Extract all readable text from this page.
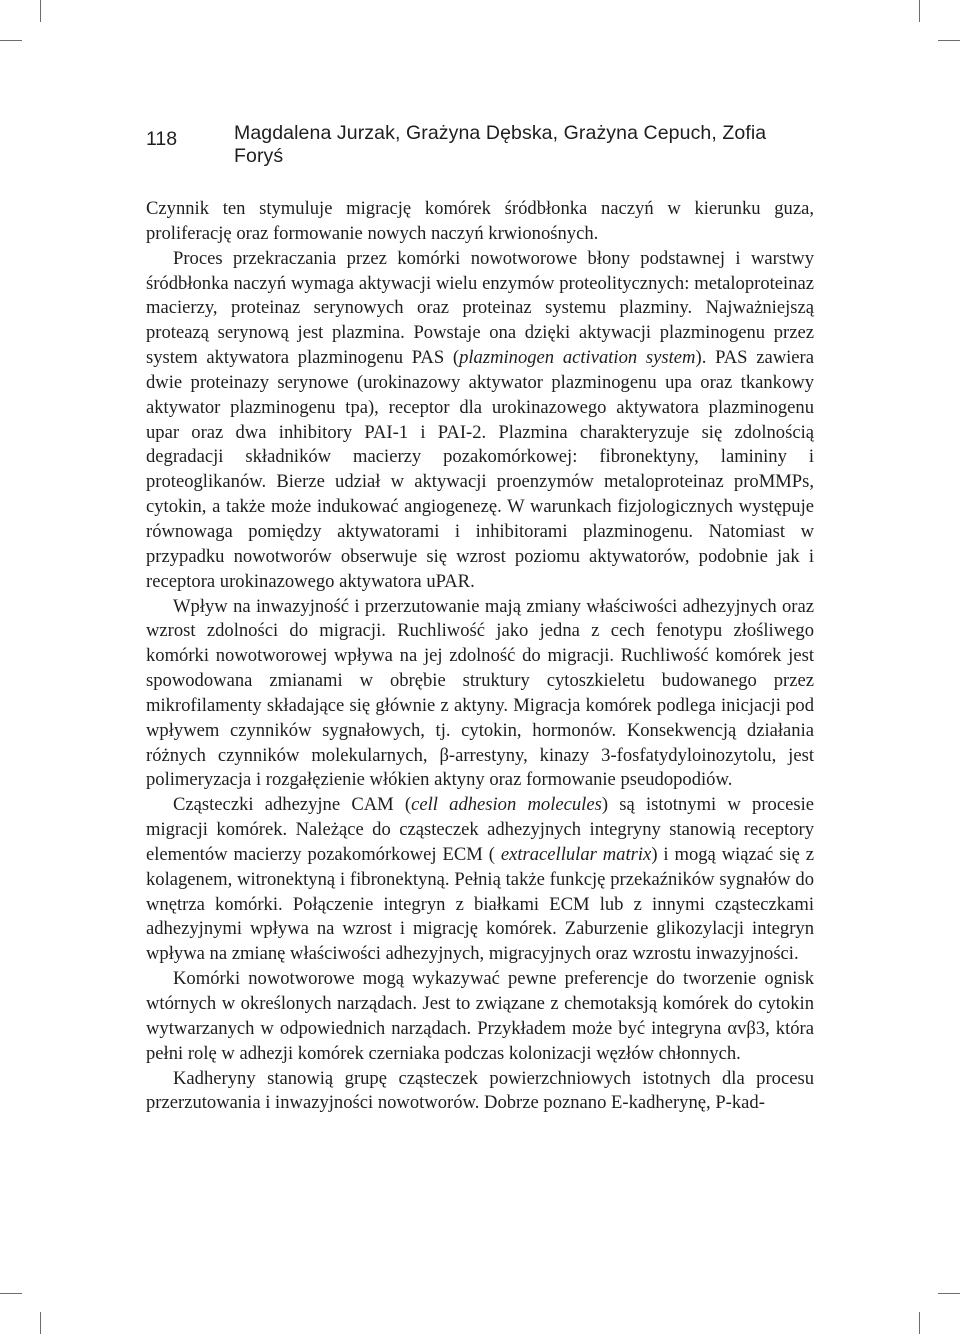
118	Magdalena Jurzak, Grażyna Dębska, Grażyna Cepuch, Zofia Foryś

Czynnik ten stymuluje migrację komórek śródbłonka naczyń w kierunku guza, proliferację oraz formowanie nowych naczyń krwionośnych.

Proces przekraczania przez komórki nowotworowe błony podstawnej i warstwy śródbłonka naczyń wymaga aktywacji wielu enzymów proteolitycznych: metaloproteinaz macierzy, proteinaz serynowych oraz proteinaz systemu plazminy. Najważniejszą proteazą serynową jest plazmina. Powstaje ona dzięki aktywacji plazminogenu przez system aktywatora plazminogenu PAS (plazminogen activation system). PAS zawiera dwie proteinazy serynowe (urokinazowy aktywator plazminogenu upa oraz tkankowy aktywator plazminogenu tpa), receptor dla urokinazowego aktywatora plazminogenu upar oraz dwa inhibitory PAI-1 i PAI-2. Plazmina charakteryzuje się zdolnością degradacji składników macierzy pozakomórkowej: fibronektyny, lamininy i proteoglikanów. Bierze udział w aktywacji proenzymów metaloproteinaz proMMPs, cytokin, a także może indukować angiogenezę. W warunkach fizjologicznych występuje równowaga pomiędzy aktywatorami i inhibitorami plazminogenu. Natomiast w przypadku nowotworów obserwuje się wzrost poziomu aktywatorów, podobnie jak i receptora urokinazowego aktywatora uPAR.

Wpływ na inwazyjność i przerzutowanie mają zmiany właściwości adhezyjnych oraz wzrost zdolności do migracji. Ruchliwość jako jedna z cech fenotypu złośliwego komórki nowotworowej wpływa na jej zdolność do migracji. Ruchliwość komórek jest spowodowana zmianami w obrębie struktury cytoszkieletu budowanego przez mikrofilamenty składające się głównie z aktyny. Migracja komórek podlega inicjacji pod wpływem czynników sygnałowych, tj. cytokin, hormonów. Konsekwencją działania różnych czynników molekularnych, β-arrestyny, kinazy 3-fosfatydyloinozytolu, jest polimeryzacja i rozgałęzienie włókien aktyny oraz formowanie pseudopodiów.

Cząsteczki adhezyjne CAM (cell adhesion molecules) są istotnymi w procesie migracji komórek. Należące do cząsteczek adhezyjnych integryny stanowią receptory elementów macierzy pozakomórkowej ECM ( extracellular matrix) i mogą wiązać się z kolagenem, witronektyną i fibronektyną. Pełnią także funkcję przekaźników sygnałów do wnętrza komórki. Połączenie integryn z białkami ECM lub z innymi cząsteczkami adhezyjnymi wpływa na wzrost i migrację komórek. Zaburzenie glikozylacji integryn wpływa na zmianę właściwości adhezyjnych, migracyjnych oraz wzrostu inwazyjności.

Komórki nowotworowe mogą wykazywać pewne preferencje do tworzenie ognisk wtórnych w określonych narządach. Jest to związane z chemotaksją komórek do cytokin wytwarzanych w odpowiednich narządach. Przykładem może być integryna αvβ3, która pełni rolę w adhezji komórek czerniaka podczas kolonizacji węzłów chłonnych.

Kadheryny stanowią grupę cząsteczek powierzchniowych istotnych dla procesu przerzutowania i inwazyjności nowotworów. Dobrze poznano E-kadherynę, P-kad-
